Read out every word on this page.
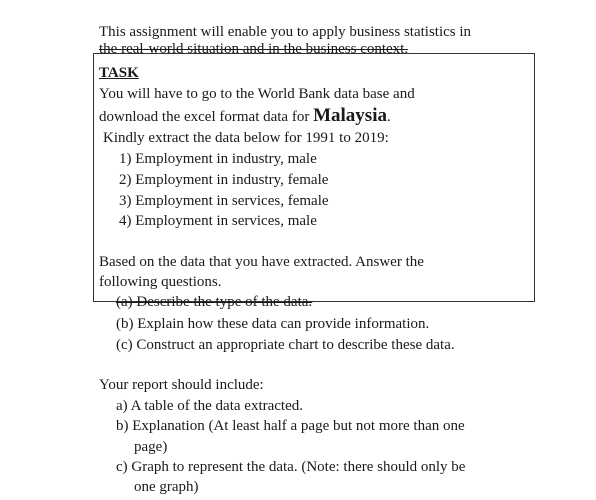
This assignment will enable you to apply business statistics in
the real-world situation and in the business context.
TASK
You will have to go to the World Bank data base and
download the excel format data for Malaysia.
Kindly extract the data below for 1991 to 2019:
1) Employment in industry, male
2) Employment in industry, female
3) Employment in services, female
4) Employment in services, male
Based on the data that you have extracted. Answer the
following questions.
(a) Describe the type of the data.
(b) Explain how these data can provide information.
(c) Construct an appropriate chart to describe these data.
Your report should include:
a) A table of the data extracted.
b) Explanation (At least half a page but not more than one
page)
c) Graph to represent the data. (Note: there should only be
one graph)
